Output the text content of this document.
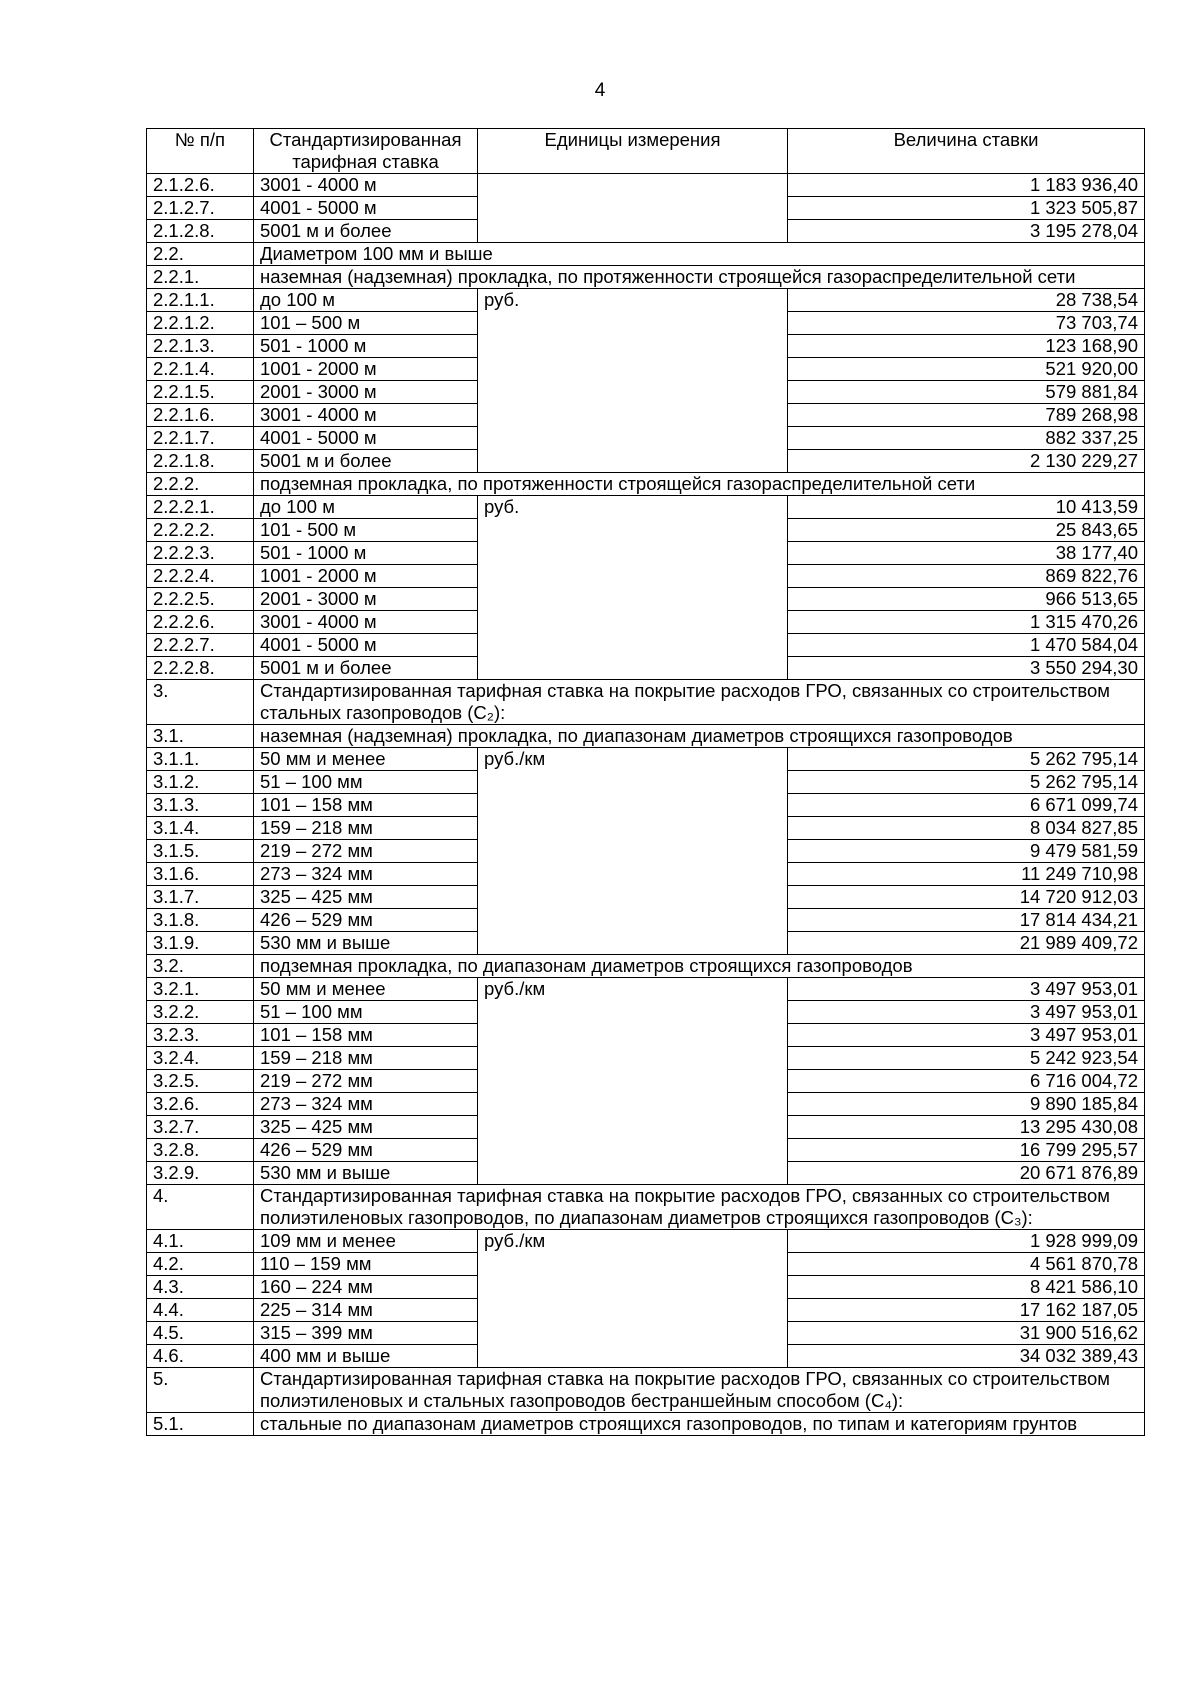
4
№ п/п	Стандартизированная тарифная ставка	Единицы измерения	Величина ставки
2.1.2.6.	3001 - 4000 м		1 183 936,40
2.1.2.7.	4001 - 5000 м		1 323 505,87
2.1.2.8.	5001 м и более		3 195 278,04
2.2.	Диаметром 100 мм и выше		
2.2.1.	наземная (надземная) прокладка, по протяженности строящейся газораспределительной сети		
2.2.1.1.	до 100 м	руб.	28 738,54
2.2.1.2.	101 – 500 м		73 703,74
2.2.1.3.	501 - 1000 м		123 168,90
2.2.1.4.	1001 - 2000 м		521 920,00
2.2.1.5.	2001 - 3000 м		579 881,84
2.2.1.6.	3001 - 4000 м		789 268,98
2.2.1.7.	4001 - 5000 м		882 337,25
2.2.1.8.	5001 м и более		2 130 229,27
2.2.2.	подземная прокладка, по протяженности строящейся газораспределительной сети		
2.2.2.1.	до 100 м	руб.	10 413,59
2.2.2.2.	101 - 500 м		25 843,65
2.2.2.3.	501 - 1000 м		38 177,40
2.2.2.4.	1001 - 2000 м		869 822,76
2.2.2.5.	2001 - 3000 м		966 513,65
2.2.2.6.	3001 - 4000 м		1 315 470,26
2.2.2.7.	4001 - 5000 м		1 470 584,04
2.2.2.8.	5001 м и более		3 550 294,30
3.	Стандартизированная тарифная ставка на покрытие расходов ГРО, связанных со строительством стальных газопроводов (С₂):		
3.1.	наземная (надземная) прокладка, по диапазонам диаметров строящихся газопроводов		
3.1.1.	50 мм и менее	руб./км	5 262 795,14
3.1.2.	51 – 100 мм		5 262 795,14
3.1.3.	101 – 158 мм		6 671 099,74
3.1.4.	159 – 218 мм		8 034 827,85
3.1.5.	219 – 272 мм		9 479 581,59
3.1.6.	273 – 324 мм		11 249 710,98
3.1.7.	325 – 425 мм		14 720 912,03
3.1.8.	426 – 529 мм		17 814 434,21
3.1.9.	530 мм и выше		21 989 409,72
3.2.	подземная прокладка, по диапазонам диаметров строящихся газопроводов		
3.2.1.	50 мм и менее	руб./км	3 497 953,01
3.2.2.	51 – 100 мм		3 497 953,01
3.2.3.	101 – 158 мм		3 497 953,01
3.2.4.	159 – 218 мм		5 242 923,54
3.2.5.	219 – 272 мм		6 716 004,72
3.2.6.	273 – 324 мм		9 890 185,84
3.2.7.	325 – 425 мм		13 295 430,08
3.2.8.	426 – 529 мм		16 799 295,57
3.2.9.	530 мм и выше		20 671 876,89
4.	Стандартизированная тарифная ставка на покрытие расходов ГРО, связанных со строительством полиэтиленовых газопроводов, по диапазонам диаметров строящихся газопроводов (С₃):		
4.1.	109 мм и менее	руб./км	1 928 999,09
4.2.	110 – 159 мм		4 561 870,78
4.3.	160 – 224 мм		8 421 586,10
4.4.	225 – 314 мм		17 162 187,05
4.5.	315 – 399 мм		31 900 516,62
4.6.	400 мм и выше		34 032 389,43
5.	Стандартизированная тарифная ставка на покрытие расходов ГРО, связанных со строительством полиэтиленовых и стальных газопроводов бестраншейным способом (С₄):		
5.1.	стальные по диапазонам диаметров строящихся газопроводов, по типам и категориям грунтов		
